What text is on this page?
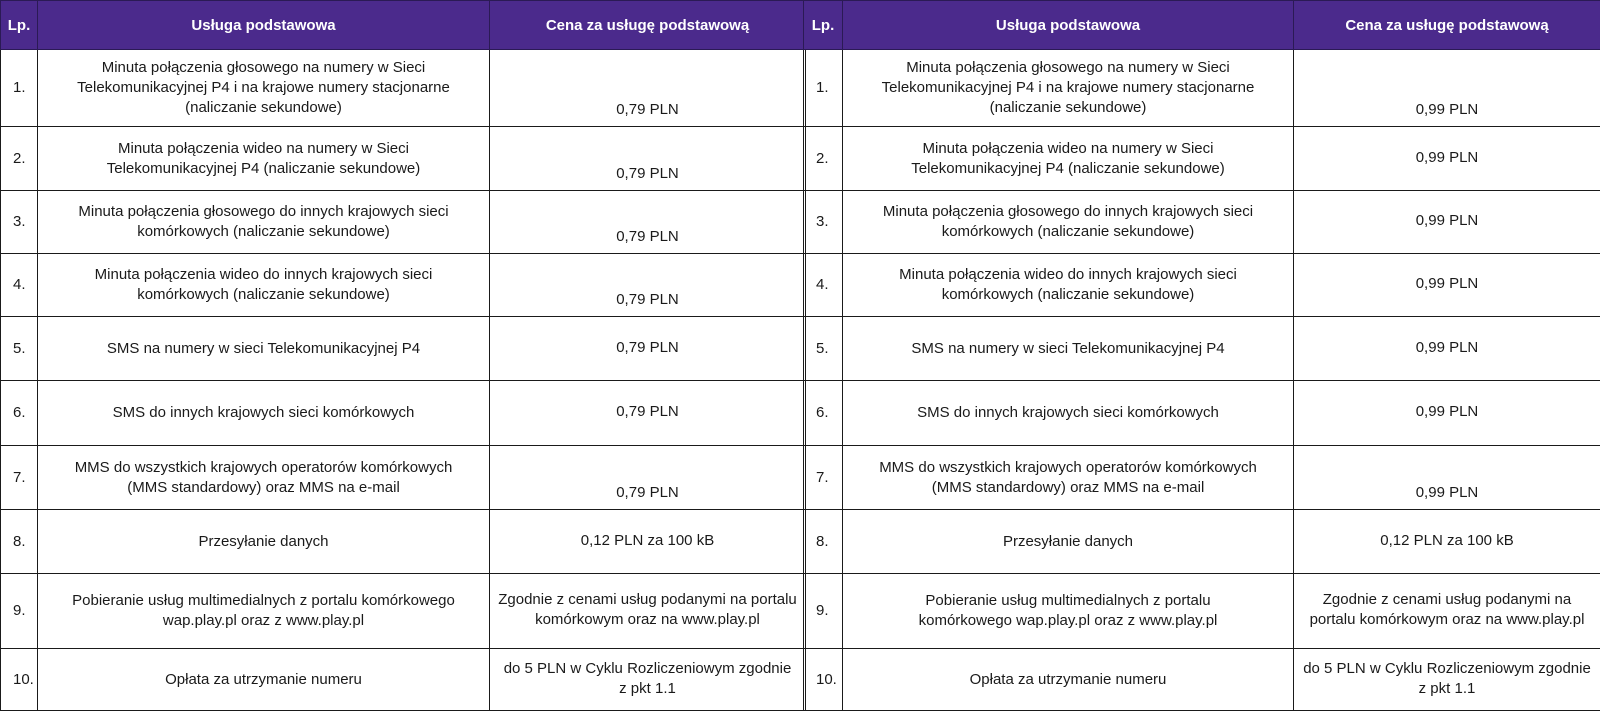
Lp.	Usługa podstawowa	Cena za usługę podstawową
1.	Minuta połączenia głosowego na numery w Sieci Telekomunikacyjnej P4 i na krajowe numery stacjonarne (naliczanie sekundowe)	0,79 PLN
2.	Minuta połączenia wideo na numery w Sieci Telekomunikacyjnej P4 (naliczanie sekundowe)	0,79 PLN
3.	Minuta połączenia głosowego do innych krajowych sieci komórkowych (naliczanie sekundowe)	0,79 PLN
4.	Minuta połączenia wideo do innych krajowych sieci komórkowych (naliczanie sekundowe)	0,79 PLN
5.	SMS na numery w sieci Telekomunikacyjnej P4	0,79 PLN
6.	SMS do innych krajowych sieci komórkowych	0,79 PLN
7.	MMS do wszystkich krajowych operatorów komórkowych (MMS standardowy) oraz MMS na e-mail	0,79 PLN
8.	Przesyłanie danych	0,12 PLN za 100 kB
9.	Pobieranie usług multimedialnych z portalu komórkowego wap.play.pl oraz z www.play.pl	Zgodnie z cenami usług podanymi na portalu komórkowym oraz na www.play.pl
10.	Opłata za utrzymanie numeru	do 5 PLN w Cyklu Rozliczeniowym zgodnie z pkt 1.1
Lp.	Usługa podstawowa	Cena za usługę podstawową
1.	Minuta połączenia głosowego na numery w Sieci Telekomunikacyjnej P4 i na krajowe numery stacjonarne (naliczanie sekundowe)	0,99 PLN
2.	Minuta połączenia wideo na numery w Sieci Telekomunikacyjnej P4 (naliczanie sekundowe)	0,99 PLN
3.	Minuta połączenia głosowego do innych krajowych sieci komórkowych (naliczanie sekundowe)	0,99 PLN
4.	Minuta połączenia wideo do innych krajowych sieci komórkowych (naliczanie sekundowe)	0,99 PLN
5.	SMS na numery w sieci Telekomunikacyjnej P4	0,99 PLN
6.	SMS do innych krajowych sieci komórkowych	0,99 PLN
7.	MMS do wszystkich krajowych operatorów komórkowych (MMS standardowy) oraz MMS na e-mail	0,99 PLN
8.	Przesyłanie danych	0,12 PLN za 100 kB
9.	Pobieranie usług multimedialnych z portalu komórkowego wap.play.pl oraz z www.play.pl	Zgodnie z cenami usług podanymi na portalu komórkowym oraz na www.play.pl
10.	Opłata za utrzymanie numeru	do 5 PLN w Cyklu Rozliczeniowym zgodnie z pkt 1.1
